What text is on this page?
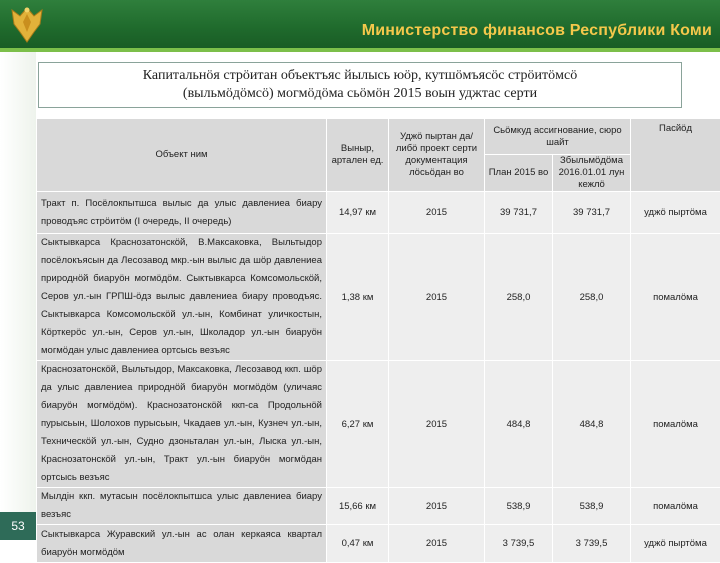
Министерство финансов Республики Коми
53
Капитальнӧя стрӧитан объектъяс йылысь юӧр, кутшӧмъясӧс стрӧитӧмсӧ
(выльмӧдӧмсӧ) могмӧдӧма сьӧмӧн 2015 воын уджтас серти
Объект ним	Выныр, артален ед.	Уджӧ пыртан да/либӧ проект серти документация лӧсьӧдан во	Сьӧмкуд ассигнование, сюро шайт		Пасйӧд
			План 2015 во	Збыльмӧдӧма 2016.01.01 лун кежлӧ	
Тракт п. Посёлокпытшса вылыс да улыс давлениеа биару проводъяс стрӧитӧм (I очередь, II очередь)	14,97 км	2015	39 731,7	39 731,7	уджӧ пыртӧма
Сыктывкарса Краснозатонскӧй, В.Максаковка, Выльтыдор посёлокъясын да Лесозавод мкр.-ын вылыс да шӧр давлениеа природнӧй биаруӧн могмӧдӧм. Сыктывкарса Комсомольскӧй, Серов ул.-ын ГРПШ-ӧдз вылыс давлениеа биару проводъяс. Сыктывкарса Комсомольскӧй ул.-ын, Комбинат уличкостын, Кӧрткерӧс ул.-ын, Серов ул.-ын, Школадор ул.-ын биаруӧн могмӧдан улыс давлениеа ортсысь везъяс	1,38 км	2015	258,0	258,0	помалӧма
Краснозатонскӧй, Выльтыдор, Максаковка, Лесозавод ккп. шӧр да улыс давлениеа природнӧй биаруӧн могмӧдӧм (уличаяс биаруӧн могмӧдӧм). Краснозатонскӧй ккп-са Продольнӧй пурысьын, Шолохов пурысьын, Чкадаев ул.-ын, Кузнеч ул.-ын, Техническӧй ул.-ын, Судно дзоньталан ул.-ын, Лыска ул.-ын, Краснозатонскӧй ул.-ын, Тракт ул.-ын биаруӧн могмӧдан ортсысь везъяс	6,27 км	2015	484,8	484,8	помалӧма
Мылдін ккп. мутасын посёлокпытшса улыс давлениеа биару везъяс	15,66 км	2015	538,9	538,9	помалӧма
Сыктывкарса Журавский ул.-ын ас олан керкаяса квартал биаруӧн могмӧдӧм	0,47 км	2015	3 739,5	3 739,5	уджӧ пыртӧма
